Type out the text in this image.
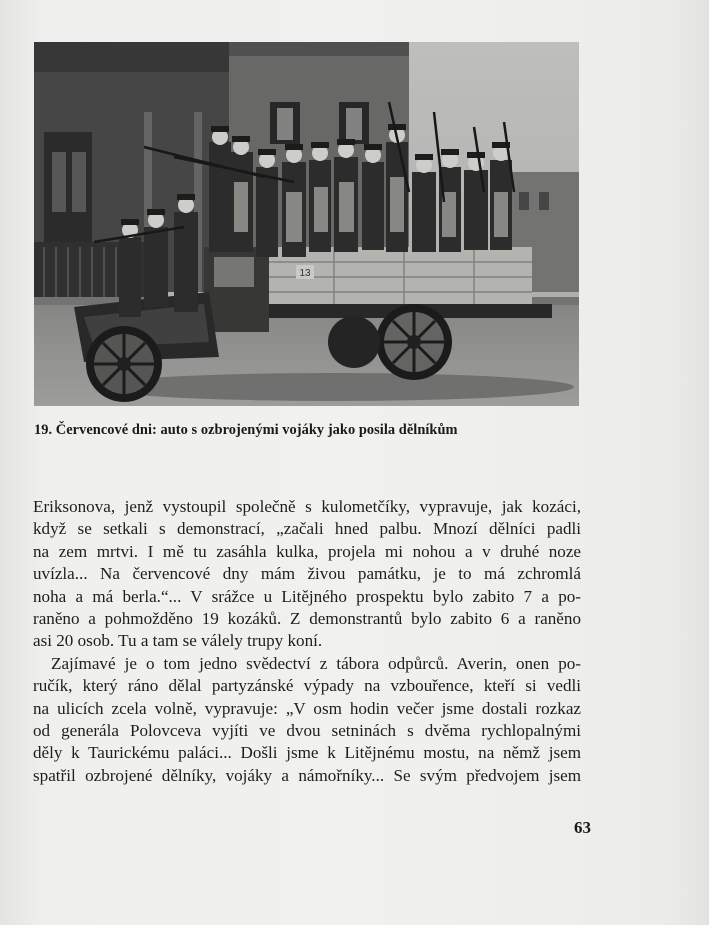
13
19. Červencové dni: auto s ozbrojenými vojáky jako posila dělníkům
Eriksonova, jenž vystoupil společně s kulometčíky, vypravuje, jak kozáci,
když se setkali s demonstrací, „začali hned palbu. Mnozí dělníci padli
na zem mrtvi. I mě tu zasáhla kulka, projela mi nohou a v druhé noze
uvízla... Na červencové dny mám živou památku, je to má zchromlá
noha a má berla.“... V srážce u Litějného prospektu bylo zabito 7 a po-
raněno a pohmožděno 19 kozáků. Z demonstrantů bylo zabito 6 a raněno
asi 20 osob. Tu a tam se válely trupy koní.
Zajímavé je o tom jedno svědectví z tábora odpůrců. Averin, onen po-
ručík, který ráno dělal partyzánské výpady na vzbouřence, kteří si vedli
na ulicích zcela volně, vypravuje: „V osm hodin večer jsme dostali rozkaz
od generála Polovceva vyjíti ve dvou setninách s dvěma rychlopalnými
děly k Taurickému paláci... Došli jsme k Litějnému mostu, na němž jsem
spatřil ozbrojené dělníky, vojáky a námořníky... Se svým předvojem jsem
63
